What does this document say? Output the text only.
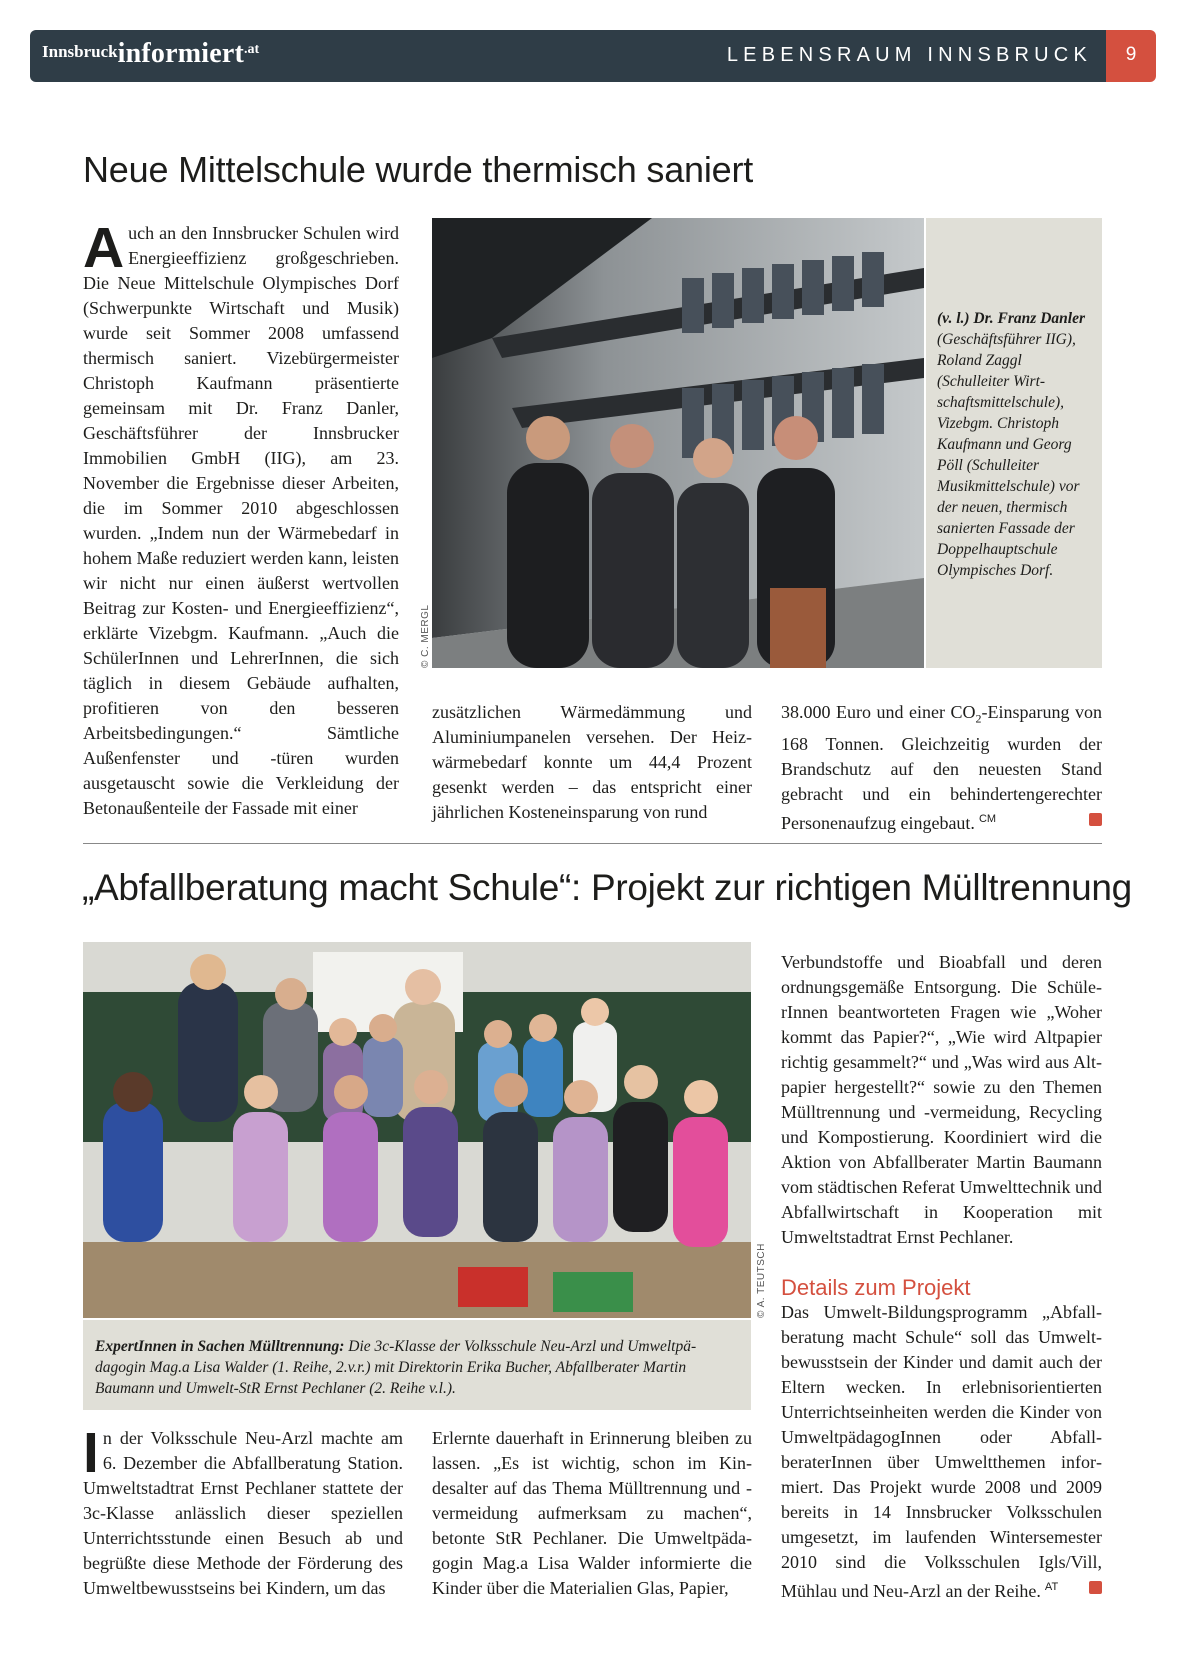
Innsbruckinformiert.at	LEBENSRAUM INNSBRUCK	9
Neue Mittelschule wurde thermisch saniert

Auch an den Innsbrucker Schulen wird Energieeffizienz großgeschrieben. Die Neue Mittelschule Olympisches Dorf (Schwerpunkte Wirtschaft und Musik) wurde seit Sommer 2008 umfassend thermisch saniert. Vizebürgermeister Christoph Kaufmann präsentierte gemeinsam mit Dr. Franz Danler, Geschäftsführer der Innsbrucker Immobilien GmbH (IIG), am 23. November die Ergebnisse dieser Arbeiten, die im Sommer 2010 abgeschlossen wurden. „Indem nun der Wärmebedarf in hohem Maße reduziert werden kann, leisten wir nicht nur einen äußerst wertvollen Beitrag zur Kosten- und Energieeffizienz“, erklärte Vizebgm. Kaufmann. „Auch die SchülerInnen und LehrerInnen, die sich täglich in diesem Gebäude aufhalten, profitieren von den besseren Arbeitsbedingungen.“ Sämtliche Außenfenster und -türen wurden ausgetauscht sowie die Verkleidung der Betonaußenteile der Fassade mit einer

© C. MERGL
(v. l.) Dr. Franz Danler (Geschäftsführer IIG), Roland Zaggl (Schulleiter Wirtschaftsmittelschule), Vizebgm. Christoph Kaufmann und Georg Pöll (Schulleiter Musikmittelschule) vor der neuen, thermisch sanierten Fassade der Doppelhauptschule Olympisches Dorf.

zusätzlichen Wärmedämmung und Aluminiumpanelen versehen. Der Heizwärmebedarf konnte um 44,4 Prozent gesenkt werden – das entspricht einer jährlichen Kosteneinsparung von rund

38.000 Euro und einer $CO_2$-Einsparung von 168 Tonnen. Gleichzeitig wurden der Brandschutz auf den neuesten Stand gebracht und ein behindertengerechter Personenaufzug eingebaut. $^{CM}$

„Abfallberatung macht Schule“: Projekt zur richtigen Mülltrennung
© A. TEUTSCH
ExpertInnen in Sachen Mülltrennung: Die 3c-Klasse der Volksschule Neu-Arzl und Umweltpädagogin Mag.a Lisa Walder (1. Reihe, 2.v.r.) mit Direktorin Erika Bucher, Abfallberater Martin Baumann und Umwelt-StR Ernst Pechlaner (2. Reihe v.l.).

In der Volksschule Neu-Arzl machte am 6. Dezember die Abfallberatung Station. Umweltstadtrat Ernst Pechlaner stattete der 3c-Klasse anlässlich dieser speziellen Unterrichtsstunde einen Besuch ab und begrüßte diese Methode der Förderung des Umweltbewusstseins bei Kindern, um das

Erlernte dauerhaft in Erinnerung bleiben zu lassen. „Es ist wichtig, schon im Kindesalter auf das Thema Mülltrennung und -vermeidung aufmerksam zu machen“, betonte StR Pechlaner. Die Umweltpädagogin Mag.a Lisa Walder informierte die Kinder über die Materialien Glas, Papier,

Verbundstoffe und Bioabfall und deren ordnungsgemäße Entsorgung. Die SchülerInnen beantworteten Fragen wie „Woher kommt das Papier?“, „Wie wird Altpapier richtig gesammelt?“ und „Was wird aus Altpapier hergestellt?“ sowie zu den Themen Mülltrennung und -vermeidung, Recycling und Kompostierung. Koordiniert wird die Aktion von Abfallberater Martin Baumann vom städtischen Referat Umwelttechnik und Abfallwirtschaft in Kooperation mit Umweltstadtrat Ernst Pechlaner.

Details zum Projekt

Das Umwelt-Bildungsprogramm „Abfallberatung macht Schule“ soll das Umweltbewusstsein der Kinder und damit auch der Eltern wecken. In erlebnisorientierten Unterrichtseinheiten werden die Kinder von UmweltpädagogInnen oder AbfallberaterInnen über Umweltthemen informiert. Das Projekt wurde 2008 und 2009 bereits in 14 Innsbrucker Volksschulen umgesetzt, im laufenden Wintersemester 2010 sind die Volksschulen Igls/Vill, Mühlau und Neu-Arzl an der Reihe. $^{AT}$
